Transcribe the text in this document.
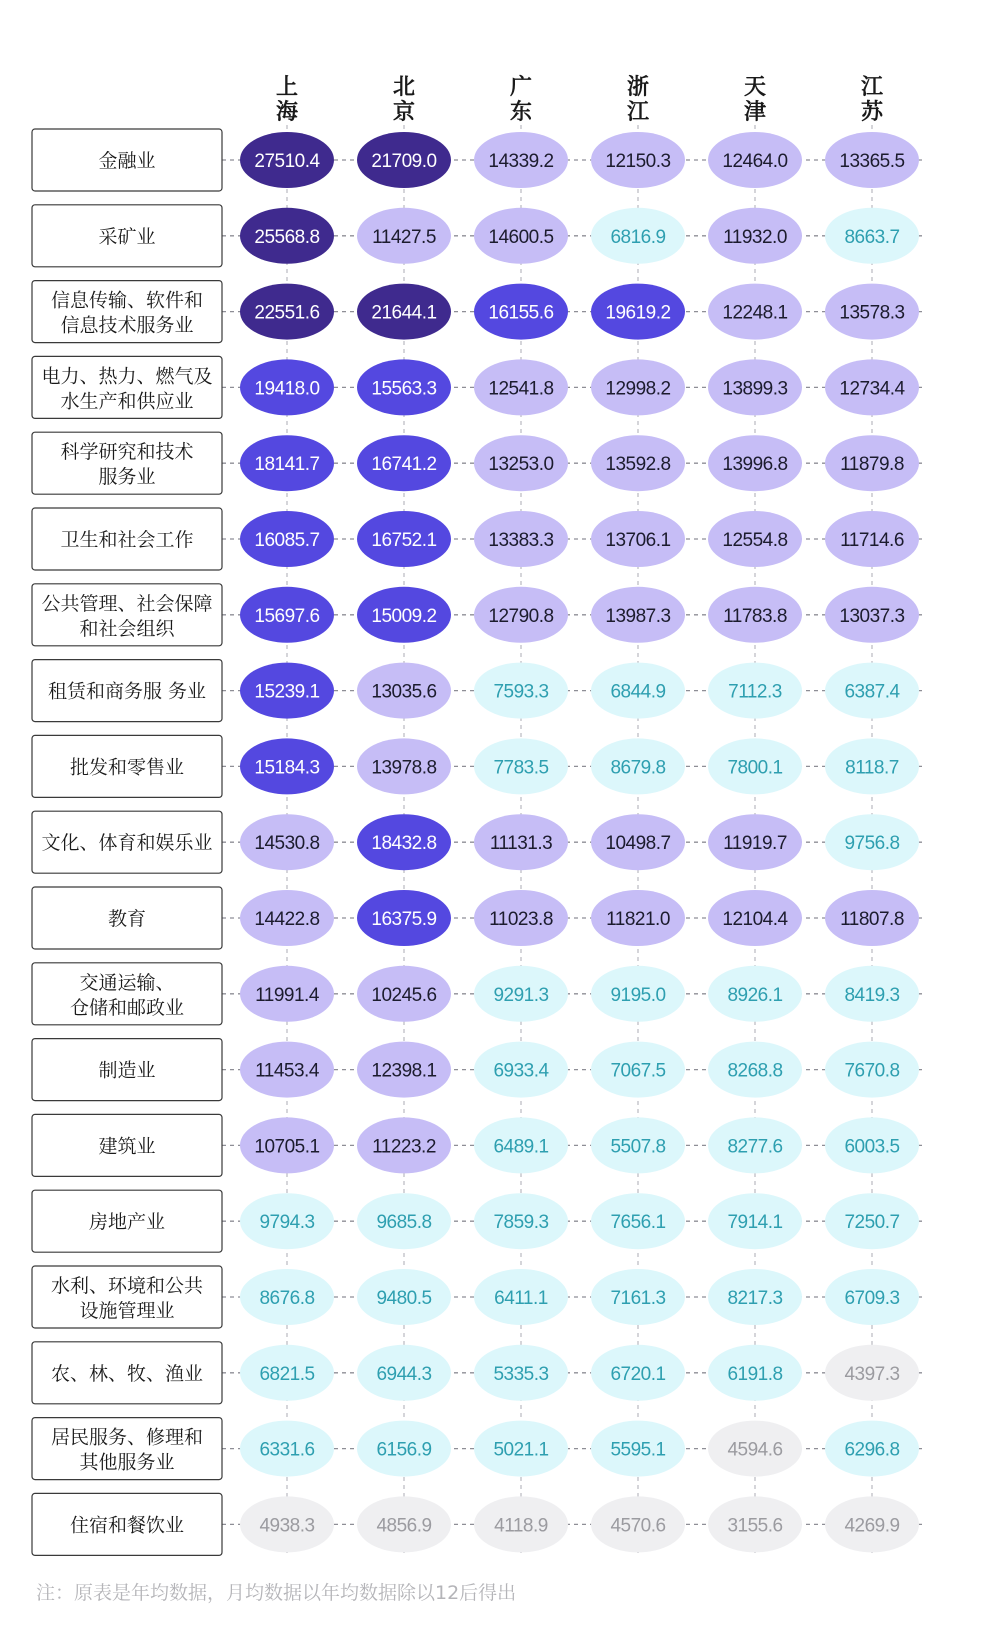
上
海
北
京
广
东
浙
江
天
津
江
苏
金融业	27510.4	21709.0	14339.2	12150.3	12464.0	13365.5
采矿业	25568.8	11427.5	14600.5	6816.9	11932.0	8663.7
信息传输、软件和
信息技术服务业
22551.6	21644.1	16155.6	19619.2	12248.1	13578.3
电力、热力、燃气及
水生产和供应业
19418.0	15563.3	12541.8	12998.2	13899.3	12734.4
科学研究和技术
服务业
18141.7	16741.2	13253.0	13592.8	13996.8	11879.8
卫生和社会工作	16085.7	16752.1	13383.3	13706.1	12554.8	11714.6
公共管理、社会保障
和社会组织
15697.6	15009.2	12790.8	13987.3	11783.8	13037.3
租赁和商务服 务业	15239.1	13035.6	7593.3	6844.9	7112.3	6387.4
批发和零售业	15184.3	13978.8	7783.5	8679.8	7800.1	8118.7
文化、体育和娱乐业 14530.8	18432.8	11131.3	10498.7	11919.7	9756.8
教育	14422.8	16375.9	11023.8	11821.0	12104.4	11807.8
交通运输、
仓储和邮政业
11991.4	10245.6	9291.3	9195.0	8926.1	8419.3
制造业	11453.4	12398.1	6933.4	7067.5	8268.8	7670.8
建筑业	10705.1	11223.2	6489.1	5507.8	8277.6	6003.5
房地产业	9794.3	9685.8	7859.3	7656.1	7914.1	7250.7
水利、环境和公共
设施管理业
8676.8	9480.5	6411.1	7161.3	8217.3	6709.3
农、林、牧、渔业	6821.5	6944.3	5335.3	6720.1	6191.8	4397.3
居民服务、修理和
其他服务业
6331.6	6156.9	5021.1	5595.1	4594.6	6296.8
住宿和餐饮业	4938.3	4856.9	4118.9	4570.6	3155.6	4269.9
注：原表是年均数据，月均数据以年均数据除以12后得出
